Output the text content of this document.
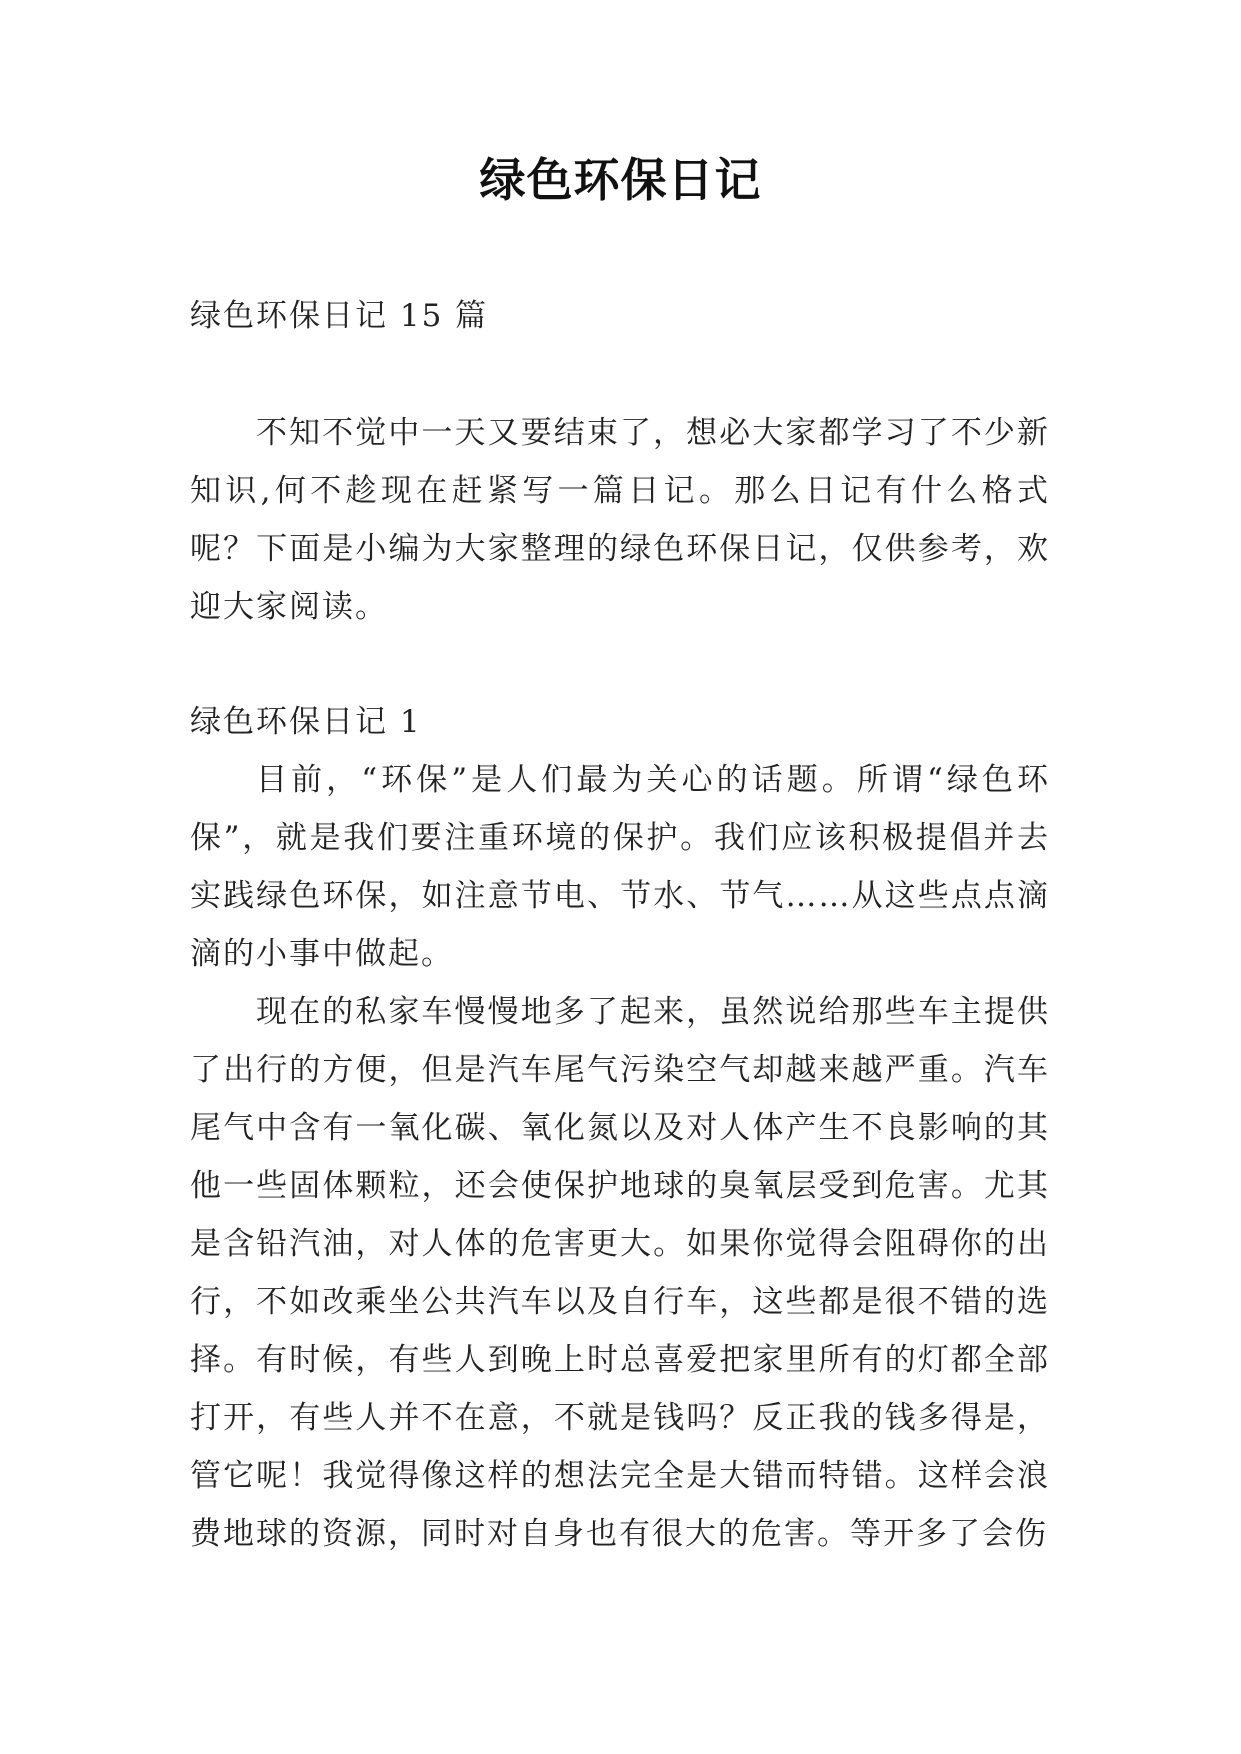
绿色环保日记

绿色环保日记 15 篇

不知不觉中一天又要结束了，想必大家都学习了不少新知识,何不趁现在赶紧写一篇日记。那么日记有什么格式呢？下面是小编为大家整理的绿色环保日记，仅供参考，欢迎大家阅读。

绿色环保日记 1

目前，“环保”是人们最为关心的话题。所谓“绿色环保”，就是我们要注重环境的保护。我们应该积极提倡并去实践绿色环保，如注意节电、节水、节气……从这些点点滴滴的小事中做起。

现在的私家车慢慢地多了起来，虽然说给那些车主提供了出行的方便，但是汽车尾气污染空气却越来越严重。汽车尾气中含有一氧化碳、氧化氮以及对人体产生不良影响的其他一些固体颗粒，还会使保护地球的臭氧层受到危害。尤其是含铅汽油，对人体的危害更大。如果你觉得会阻碍你的出行，不如改乘坐公共汽车以及自行车，这些都是很不错的选择。有时候，有些人到晚上时总喜爱把家里所有的灯都全部打开，有些人并不在意，不就是钱吗？反正我的钱多得是，管它呢！我觉得像这样的想法完全是大错而特错。这样会浪费地球的资源，同时对自身也有很大的危害。等开多了会伤
